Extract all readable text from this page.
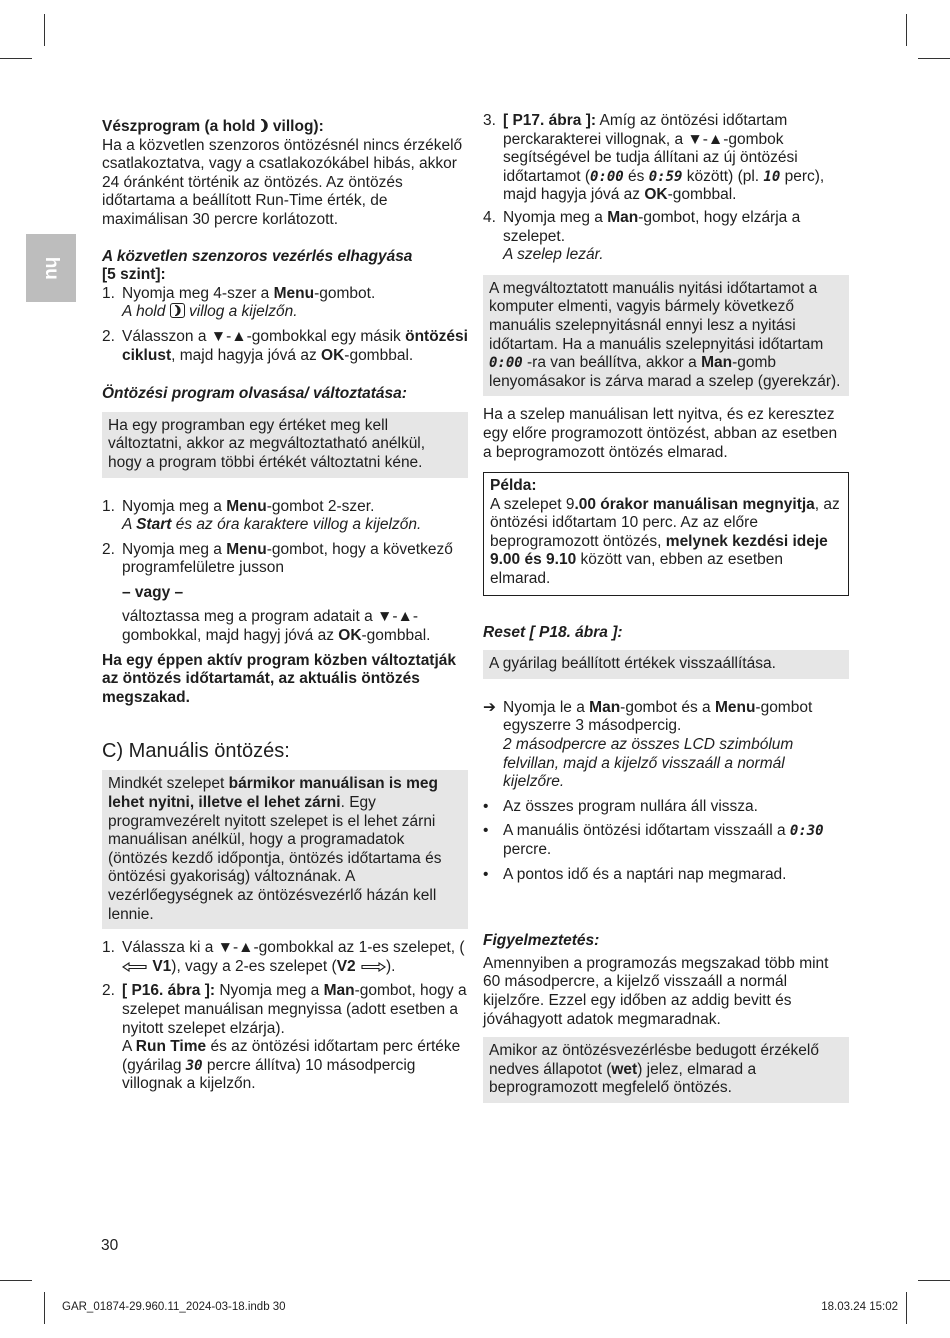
hu

Vészprogram (a hold  villog):

Ha a közvetlen szenzoros öntözésnél nincs érzékelő csatlakoztatva, vagy a csatlakozókábel hibás, akkor 24 óránként történik az öntözés. Az öntözés időtartama a beállított Run-Time érték, de maximálisan 30 percre korlátozott.

A közvetlen szenzoros vezérlés elhagyása
[5 szint]:

1. Nyomja meg 4-szer a Menu-gombot.
A hold
villog a kijelzőn.
2. Válasszon a ▼-▲-gombokkal egy másik öntözési ciklust, majd hagyja jóvá az OK-gombbal.

Öntözési program olvasása/ változtatása:

Ha egy programban egy értéket meg kell változtatni, akkor az megváltoztatható anélkül, hogy a program többi értékét változtatni kéne.
1. Nyomja meg a Menu-gombot 2-szer.
A Start és az óra karaktere villog a kijelzőn.
2. Nyomja meg a Menu-gombot, hogy a következő programfelületre jusson

– vagy –

változtassa meg a program adatait a ▼-▲-gombokkal, majd hagyj jóvá az OK-gombbal.

Ha egy éppen aktív program közben változtatják az öntözés időtartamát, az aktuális öntözés megszakad.

C) Manuális öntözés:

Mindkét szelepet bármikor manuálisan is meg lehet nyitni, illetve el lehet zárni. Egy programvezérelt nyitott szelepet is el lehet zárni manuálisan anélkül, hogy a programadatok (öntözés kezdő időpontja, öntözés időtartama és öntözési gyakoriság) változnának. A vezérlőegységnek az öntözésvezérlő házán kell lennie.
1. Válassza ki a ▼-▲-gombokkal az 1-es szelepet, ( V1), vagy a 2-es szelepet (V2 ).
2. [ P16. ábra ]: Nyomja meg a Man-gombot, hogy a szelepet manuálisan megnyissa (adott esetben a nyitott szelepet elzárja).
A Run Time és az öntözési időtartam perc értéke (gyárilag 30 percre állítva) 10 másodpercig villognak a kijelzőn.
3. [ P17. ábra ]: Amíg az öntözési időtartam perckarakterei villognak, a ▼-▲-gombok segítségével be tudja állítani az új öntözési időtartamot (0:00 és 0:59 között) (pl. 10 perc), majd hagyja jóvá az OK-gombbal.
4. Nyomja meg a Man-gombot, hogy elzárja a szelepet.
A szelep lezár.
A megváltoztatott manuális nyitási időtartamot a komputer elmenti, vagyis bármely következő manuális szelepnyitásnál ennyi lesz a nyitási időtartam. Ha a manuális szelepnyitási időtartam 0:00 -ra van beállítva, akkor a Man-gomb lenyomásakor is zárva marad a szelep (gyerekzár).

Ha a szelep manuálisan lett nyitva, és ez keresztez egy előre programozott öntözést, abban az esetben a beprogramozott öntözés elmarad.

Példa:

A szelepet 9.00 órakor manuálisan megnyitja, az öntözési időtartam 10 perc. Az az előre beprogramozott öntözés, melynek kezdési ideje 9.00 és 9.10 között van, ebben az esetben elmarad.

Reset [ P18. ábra ]:

A gyárilag beállított értékek visszaállítása.
➔ Nyomja le a Man-gombot és a Menu-gombot egyszerre 3 másodpercig.
2 másodpercre az összes LCD szimbólum felvillan, majd a kijelző visszaáll a normál kijelzőre.
• Az összes program nullára áll vissza.
• A manuális öntözési időtartam visszaáll a 0:30 percre.
• A pontos idő és a naptári nap megmarad.

Figyelmeztetés:

Amennyiben a programozás megszakad több mint 60 másodpercre, a kijelző visszaáll a normál kijelzőre. Ezzel egy időben az addig bevitt és jóváhagyott adatok megmaradnak.

Amikor az öntözésvezérlésbe bedugott érzékelő nedves állapotot (wet) jelez, elmarad a beprogramozott megfelelő öntözés.
30
GAR_01874-29.960.11_2024-03-18.indb 30	18.03.24 15:02
